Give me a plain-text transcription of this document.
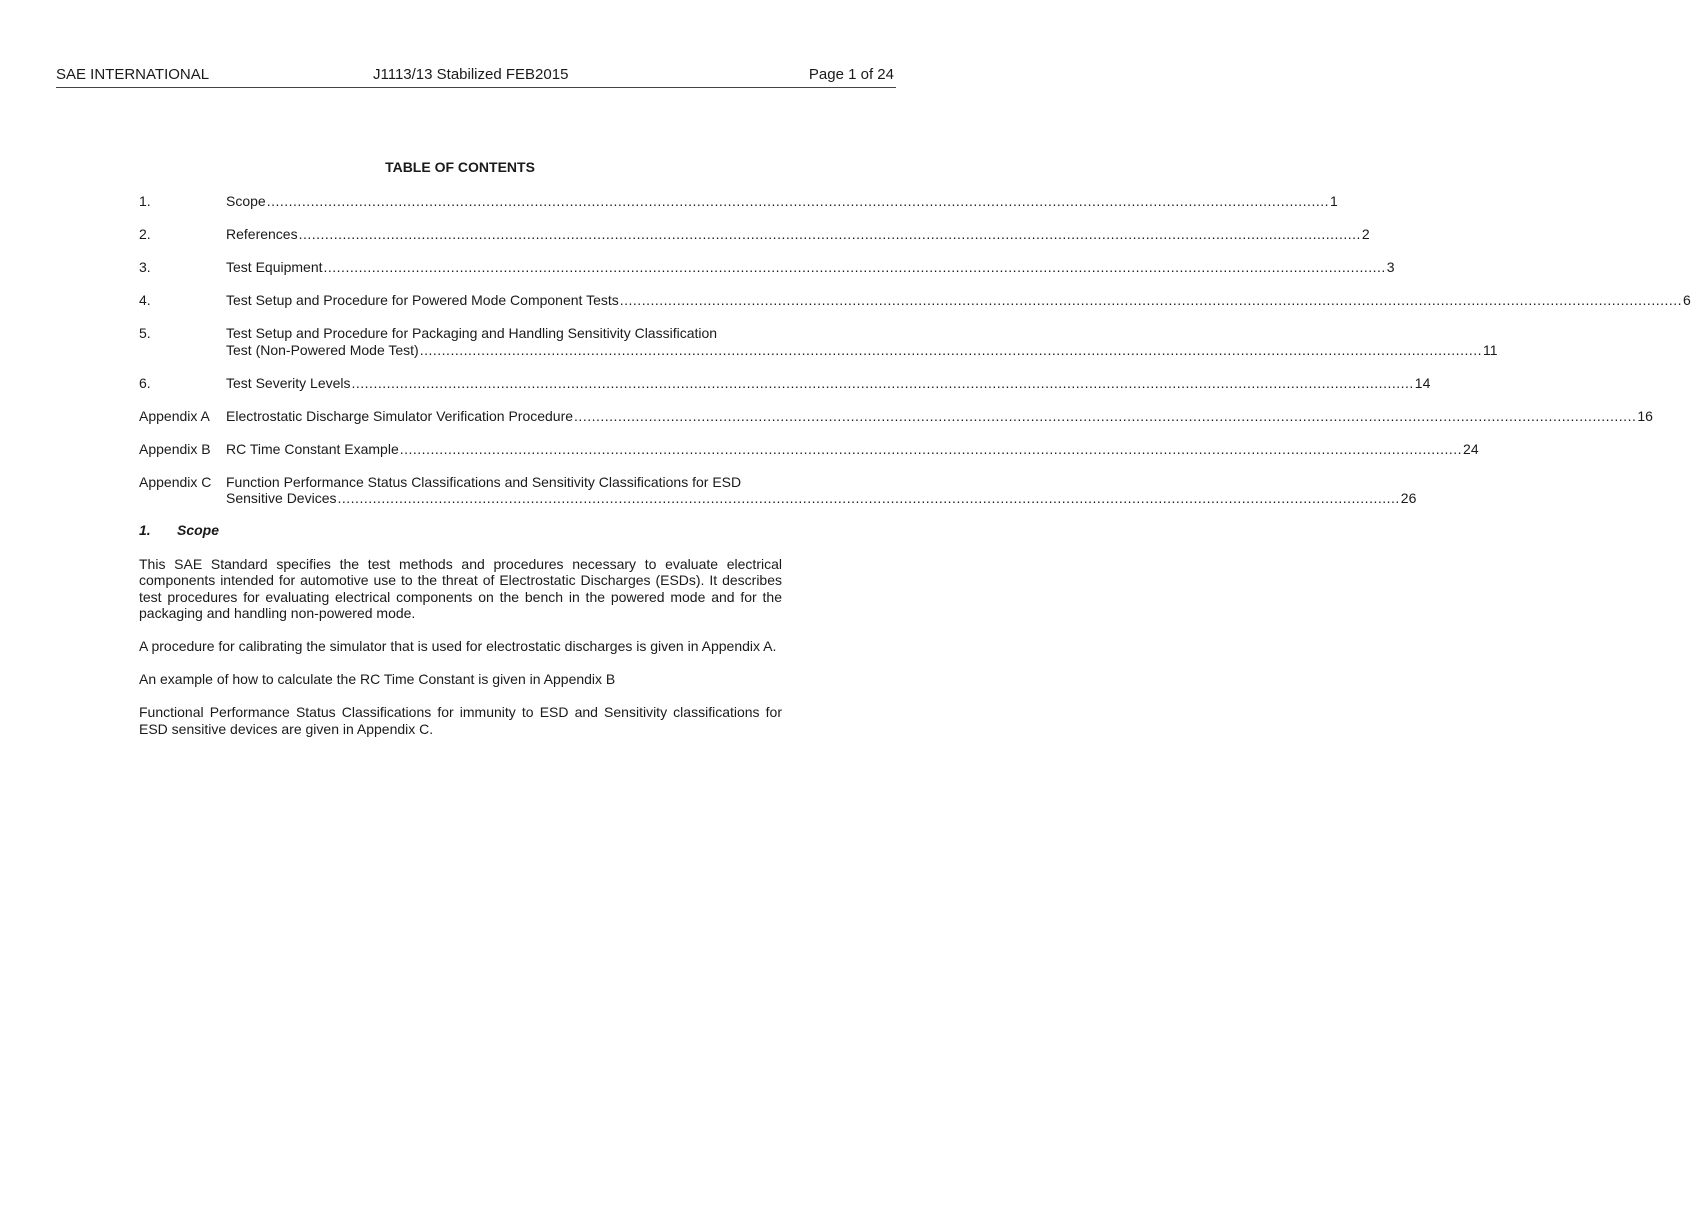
SAE INTERNATIONAL	J1113/13 Stabilized FEB2015	Page 1 of 24
TABLE OF CONTENTS
1.	Scope .....	1
2.	References .....	2
3.	Test Equipment .....	3
4.	Test Setup and Procedure for Powered Mode Component Tests .....	6
5.	Test Setup and Procedure for Packaging and Handling Sensitivity Classification
Test (Non-Powered Mode Test) .....	11
6.	Test Severity Levels .....	14
Appendix A	Electrostatic Discharge Simulator Verification Procedure .....	16
Appendix B	RC Time Constant Example .....	24
Appendix C	Function Performance Status Classifications and Sensitivity Classifications for ESD
Sensitive Devices .....	26
1. Scope

This SAE Standard specifies the test methods and procedures necessary to evaluate electrical components intended for automotive use to the threat of Electrostatic Discharges (ESDs). It describes test procedures for evaluating electrical components on the bench in the powered mode and for the packaging and handling non-powered mode.

A procedure for calibrating the simulator that is used for electrostatic discharges is given in Appendix A.

An example of how to calculate the RC Time Constant is given in Appendix B

Functional Performance Status Classifications for immunity to ESD and Sensitivity classifications for ESD sensitive devices are given in Appendix C.
